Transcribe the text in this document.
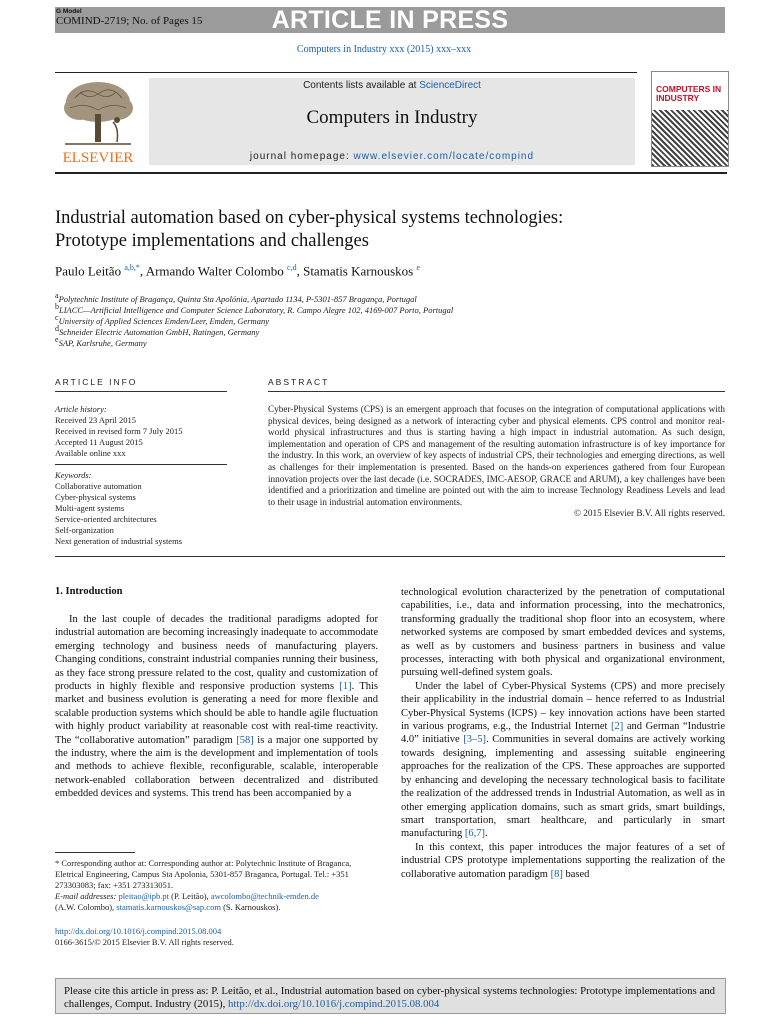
G Model
COMIND-2719; No. of Pages 15	ARTICLE IN PRESS
Computers in Industry xxx (2015) xxx–xxx
ELSEVIER
Contents lists available at ScienceDirect
Computers in Industry
journal homepage: www.elsevier.com/locate/compind
COMPUTERS IN
INDUSTRY
Industrial automation based on cyber-physical systems technologies:
Prototype implementations and challenges
Paulo Leitão $^{a,b,*}$, Armando Walter Colombo $^{c,d}$, Stamatis Karnouskos $^e$
$^a$Polytechnic Institute of Bragança, Quinta Sta Apolónia, Apartado 1134, P-5301-857 Bragança, Portugal
$^b$LIACC—Artificial Intelligence and Computer Science Laboratory, R. Campo Alegre 102, 4169-007 Porto, Portugal
$^c$University of Applied Sciences Emden/Leer, Emden, Germany
$^d$Schneider Electric Automation GmbH, Ratingen, Germany
$^e$SAP, Karlsruhe, Germany
ARTICLE INFO
Article history:
Received 23 April 2015
Received in revised form 7 July 2015
Accepted 11 August 2015
Available online xxx
Keywords:
Collaborative automation
Cyber-physical systems
Multi-agent systems
Service-oriented architectures
Self-organization
Next generation of industrial systems
ABSTRACT
Cyber-Physical Systems (CPS) is an emergent approach that focuses on the integration of computational applications with physical devices, being designed as a network of interacting cyber and physical elements. CPS control and monitor real-world physical infrastructures and thus is starting having a high impact in industrial automation. As such design, implementation and operation of CPS and management of the resulting automation infrastructure is of key importance for the industry. In this work, an overview of key aspects of industrial CPS, their technologies and emerging directions, as well as challenges for their implementation is presented. Based on the hands-on experiences gathered from four European innovation projects over the last decade (i.e. SOCRADES, IMC-AESOP, GRACE and ARUM), a key challenges have been identified and a prioritization and timeline are pointed out with the aim to increase Technology Readiness Levels and lead to their usage in industrial automation environments.
© 2015 Elsevier B.V. All rights reserved.
1. Introduction

In the last couple of decades the traditional paradigms adopted for industrial automation are becoming increasingly inadequate to accommodate emerging technology and business needs of manufacturing players. Changing conditions, constraint industrial companies running their business, as they face strong pressure related to the cost, quality and customization of products in highly flexible and responsive production systems [1]. This market and business evolution is generating a need for more flexible and scalable production systems which should be able to handle agile fluctuation with highly product variability at reasonable cost with real-time reactivity. The “collaborative automation” paradigm [58] is a major one supported by the industry, where the aim is the development and implementation of tools and methods to achieve flexible, reconfigurable, scalable, interoperable network-enabled collaboration between decentralized and distributed embedded devices and systems. This trend has been accompanied by a

technological evolution characterized by the penetration of computational capabilities, i.e., data and information processing, into the mechatronics, transforming gradually the traditional shop floor into an ecosystem, where networked systems are composed by smart embedded devices and systems, as well as by customers and business partners in business and value processes, interacting with both physical and organizational environment, pursuing well-defined system goals.

Under the label of Cyber-Physical Systems (CPS) and more precisely their applicability in the industrial domain – hence referred to as Industrial Cyber-Physical Systems (ICPS) – key innovation actions have been started in various programs, e.g., the Industrial Internet [2] and German “Industrie 4.0” initiative [3–5]. Communities in several domains are actively working towards designing, implementing and assessing suitable engineering approaches for the realization of the CPS. These approaches are supported by enhancing and developing the necessary technological basis to facilitate the realization of the addressed trends in Industrial Automation, as well as in other emerging application domains, such as smart grids, smart buildings, smart transportation, smart healthcare, and particularly in smart manufacturing [6,7].

In this context, this paper introduces the major features of a set of industrial CPS prototype implementations supporting the realization of the collaborative automation paradigm [8] based

* Corresponding author at: Corresponding author at: Polytechnic Institute of Braganca, Eletrical Engineering, Campus Sta Apolonia, 5301-857 Braganca, Portugal. Tel.: +351 273303083; fax: +351 273313051.
E-mail addresses: pleitao@ipb.pt (P. Leitão), awcolombo@technik-emden.de
(A.W. Colombo), stamatis.karnouskos@sap.com (S. Karnouskos).
http://dx.doi.org/10.1016/j.compind.2015.08.004
0166-3615/© 2015 Elsevier B.V. All rights reserved.
Please cite this article in press as: P. Leitão, et al., Industrial automation based on cyber-physical systems technologies: Prototype implementations and challenges, Comput. Industry (2015), http://dx.doi.org/10.1016/j.compind.2015.08.004
